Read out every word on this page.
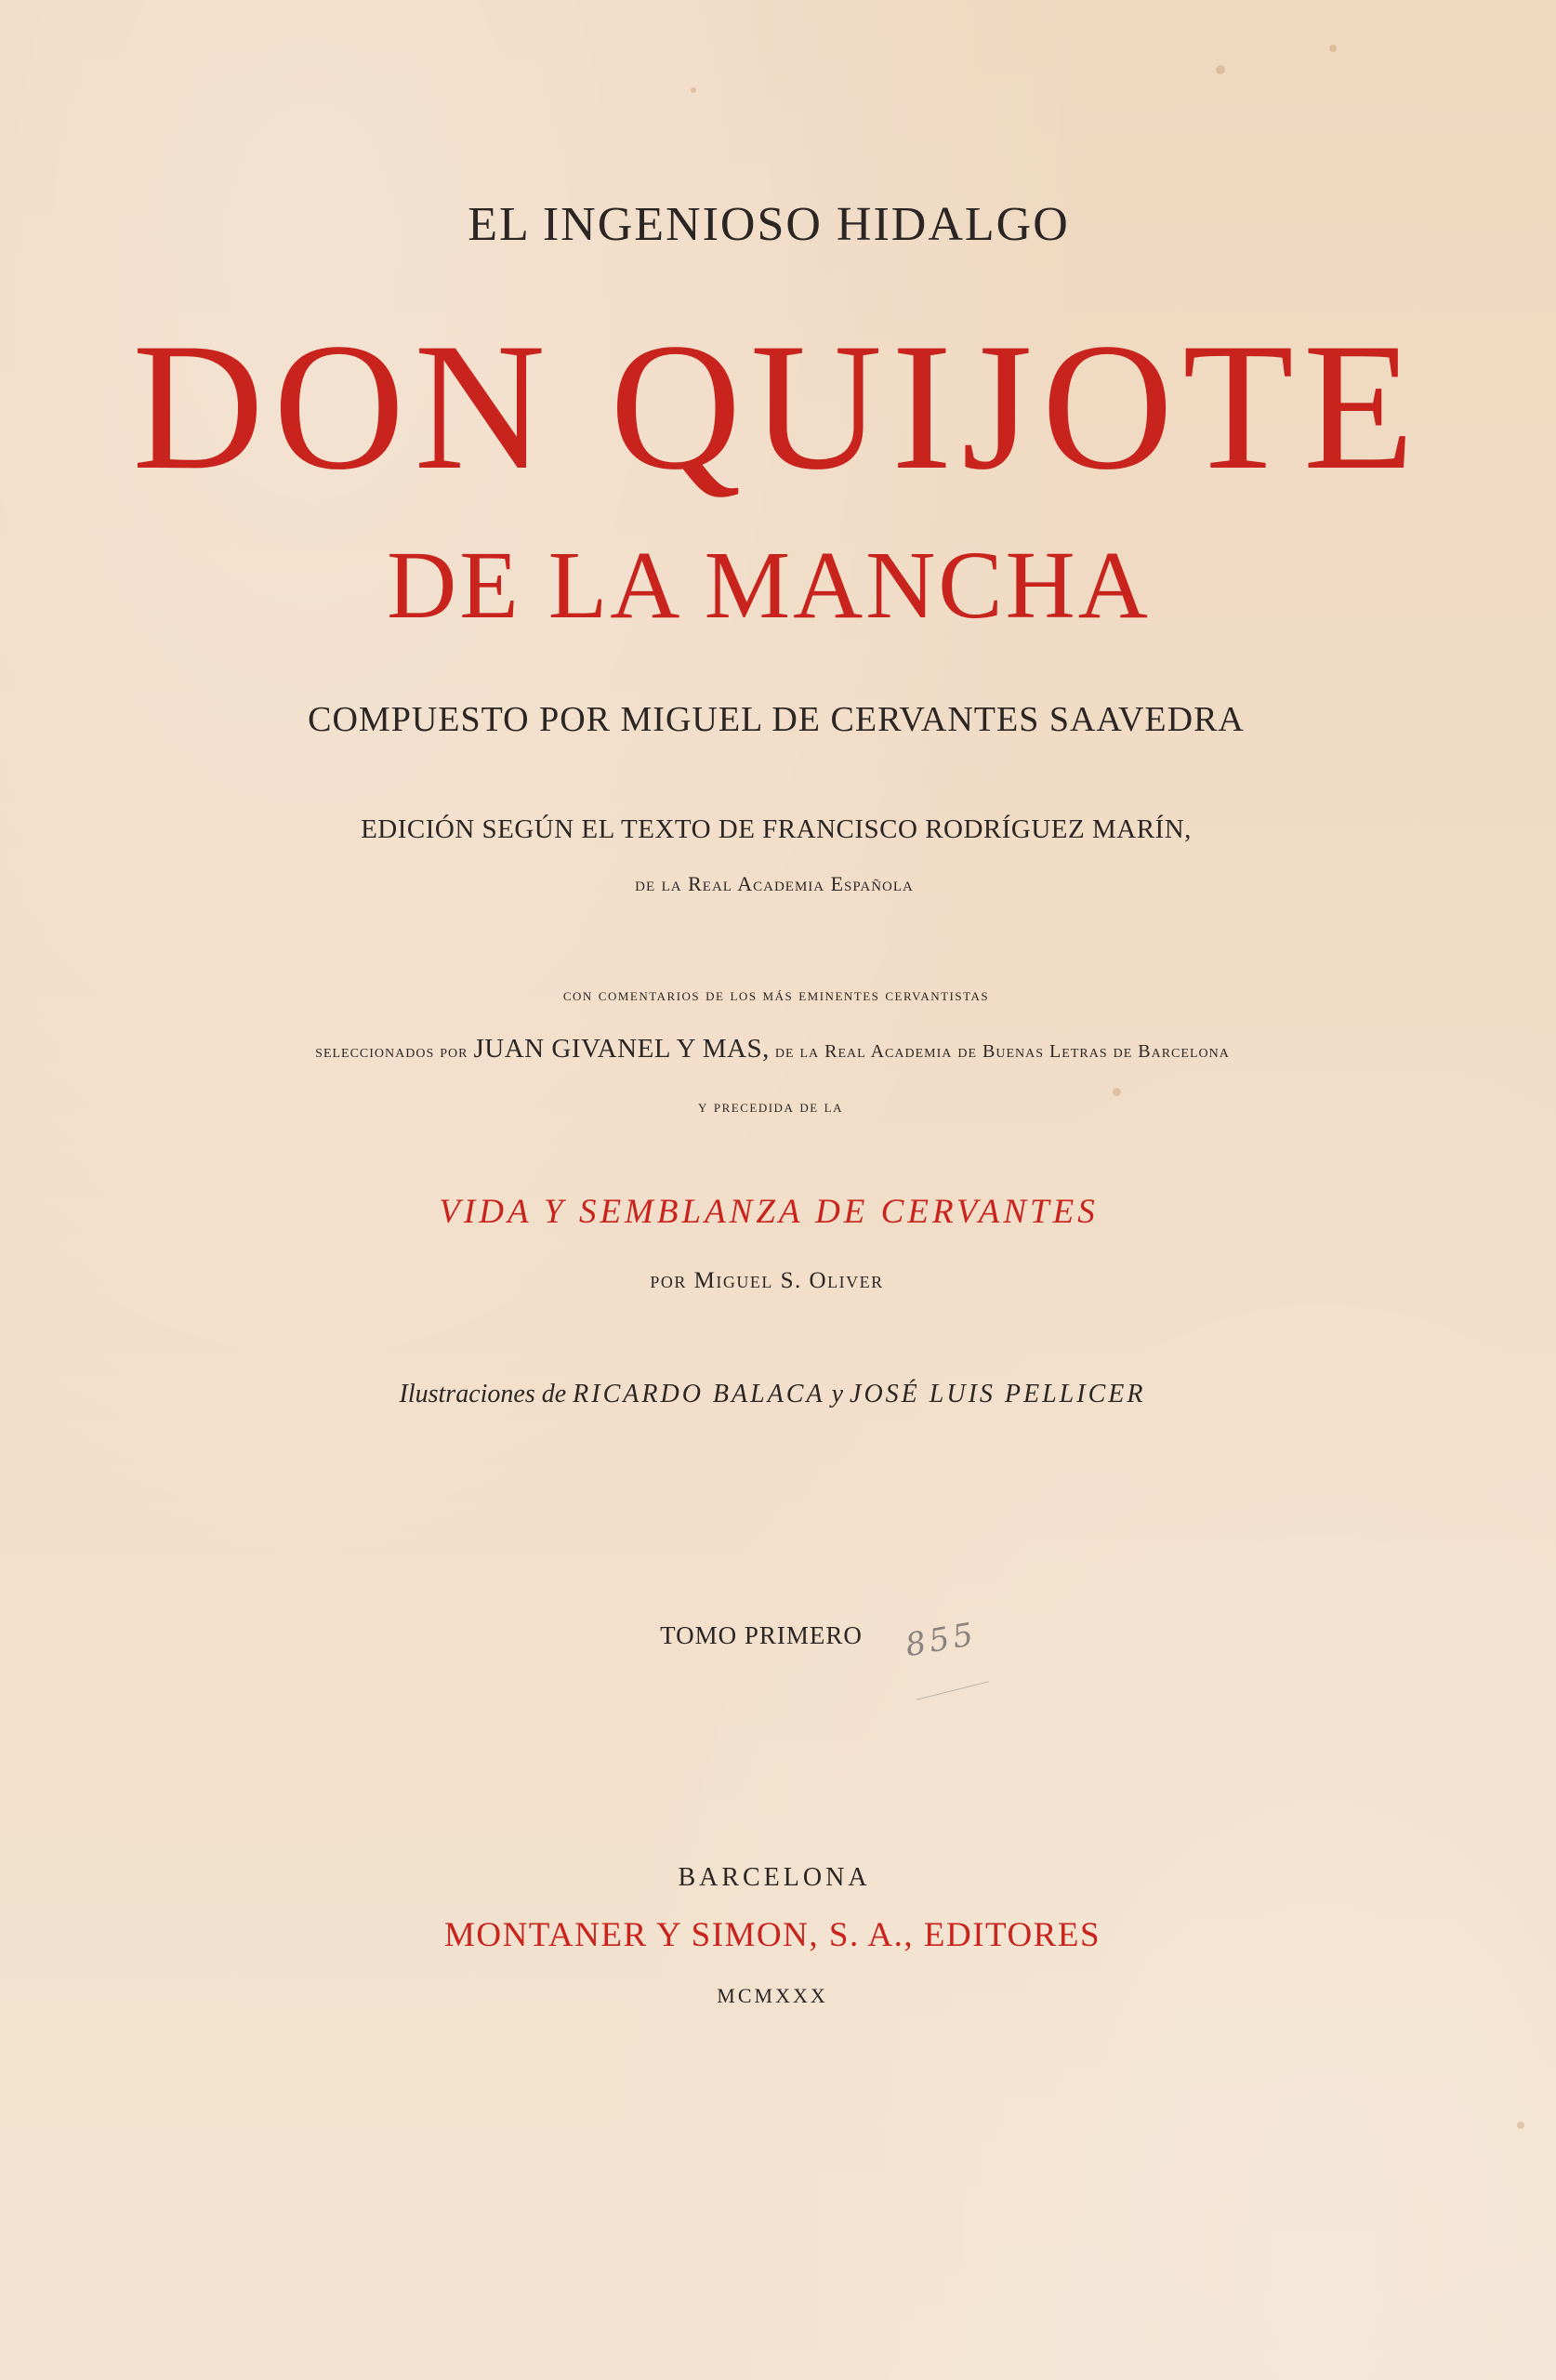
EL INGENIOSO HIDALGO

DON QUIJOTE

DE LA MANCHA

COMPUESTO POR MIGUEL DE CERVANTES SAAVEDRA

EDICIÓN SEGÚN EL TEXTO DE FRANCISCO RODRÍGUEZ MARÍN,

de la Real Academia Española

con comentarios de los más eminentes cervantistas

seleccionados por JUAN GIVANEL Y MAS, de la Real Academia de Buenas Letras de Barcelona

y precedida de la

VIDA Y SEMBLANZA DE CERVANTES

por Miguel S. Oliver

Ilustraciones de RICARDO BALACA y JOSÉ LUIS PELLICER

TOMO PRIMERO	855

BARCELONA

MONTANER Y SIMON, S. A., EDITORES

MCMXXX
